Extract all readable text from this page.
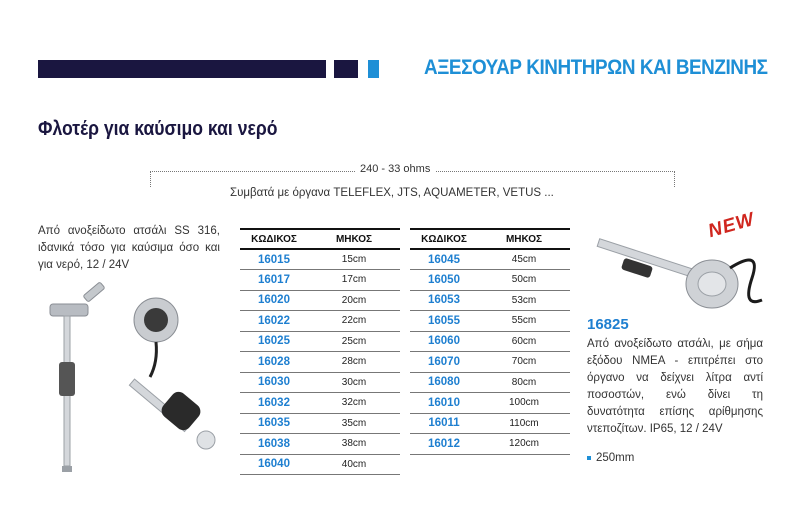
ΑΞΕΣΟΥΑΡ ΚΙΝΗΤΗΡΩΝ ΚΑΙ ΒΕΝΖΙΝΗΣ
Φλοτέρ για καύσιμο και νερό
240 - 33 ohms
Συμβατά με όργανα TELEFLEX, JTS, AQUAMETER, VETUS ...
Από ανοξείδωτο ατσάλι SS 316, ιδανικά τόσο για καύσιμα όσο και για νερό, 12 / 24V
ΚΩΔΙΚΟΣ	ΜΗΚΟΣ
16015	15cm
16017	17cm
16020	20cm
16022	22cm
16025	25cm
16028	28cm
16030	30cm
16032	32cm
16035	35cm
16038	38cm
16040	40cm
ΚΩΔΙΚΟΣ	ΜΗΚΟΣ
16045	45cm
16050	50cm
16053	53cm
16055	55cm
16060	60cm
16070	70cm
16080	80cm
16010	100cm
16011	110cm
16012	120cm
NEW
16825
Από ανοξείδωτο ατσάλι, με σήμα εξόδου NMEA - επιτρέπει στο όργανο να δείχνει λίτρα αντί ποσοστών, ενώ δίνει τη δυνατότητα επίσης αρίθμησης ντεποζίτων. IP65, 12 / 24V
250mm
